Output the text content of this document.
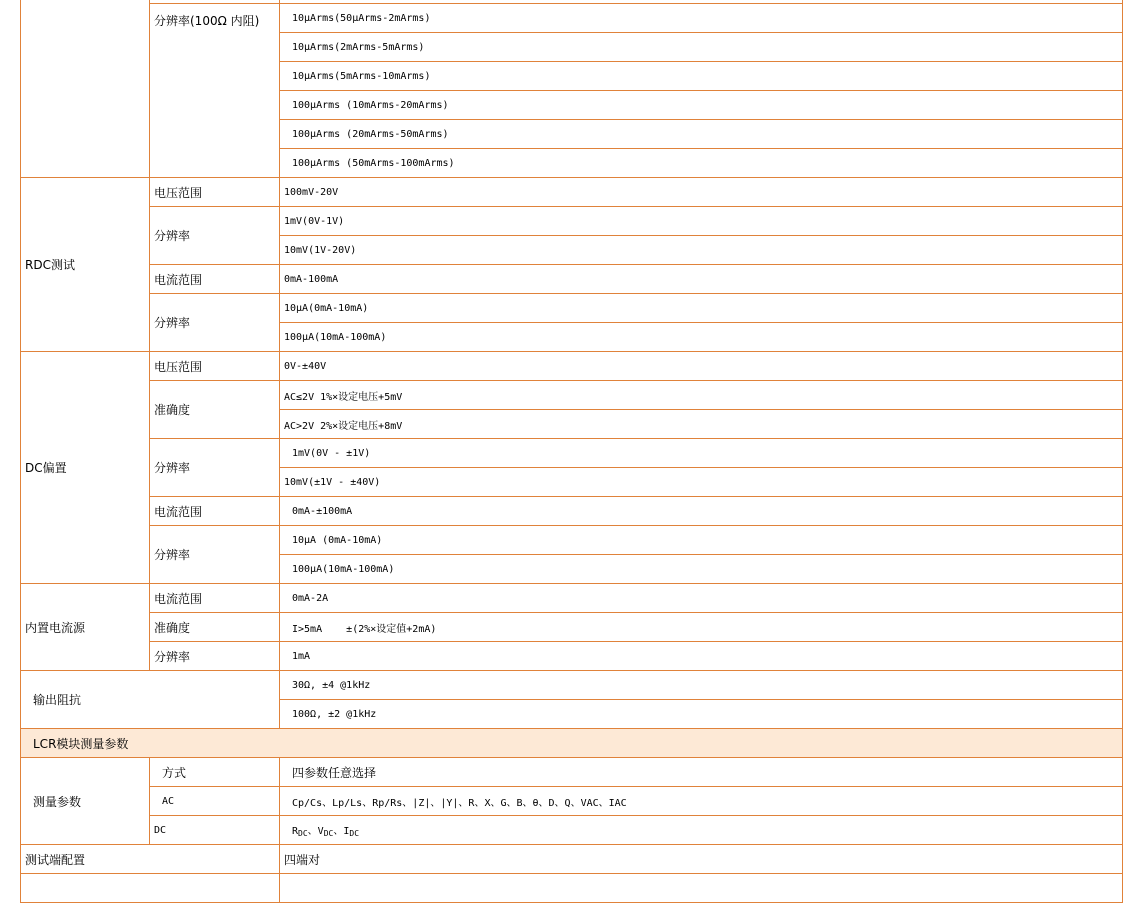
	分辨率(100Ω 内阻)	10μArms(50μArms-2mArms)
		10μArms(2mArms-5mArms)
		10μArms(5mArms-10mArms)
		100μArms (10mArms-20mArms)
		100μArms (20mArms-50mArms)
		100μArms (50mArms-100mArms)
RDC测试	电压范围	100mV-20V
	分辨率	1mV(0V-1V)
		10mV(1V-20V)
	电流范围	0mA-100mA
	分辨率	10μA(0mA-10mA)
		100μA(10mA-100mA)
DC偏置	电压范围	0V-±40V
	准确度	AC≤2V 1%×设定电压+5mV
		AC>2V 2%×设定电压+8mV
	分辨率	1mV(0V - ±1V)
		10mV(±1V - ±40V)
	电流范围	0mA-±100mA
	分辨率	10μA (0mA-10mA)
		100μA(10mA-100mA)
内置电流源	电流范围	0mA-2A
	准确度	I>5mA    ±(2%×设定值+2mA)
	分辨率	1mA
输出阻抗		30Ω, ±4 @1kHz
		100Ω, ±2 @1kHz
LCR模块测量参数		
测量参数	方式	四参数任意选择
	AC	Cp/Cs、Lp/Ls、Rp/Rs、|Z|、|Y|、R、X、G、B、θ、D、Q、VAC、IAC
	DC	$R_{DC}$、$V_{DC}$、$I_{DC}$
测试端配置		四端对
